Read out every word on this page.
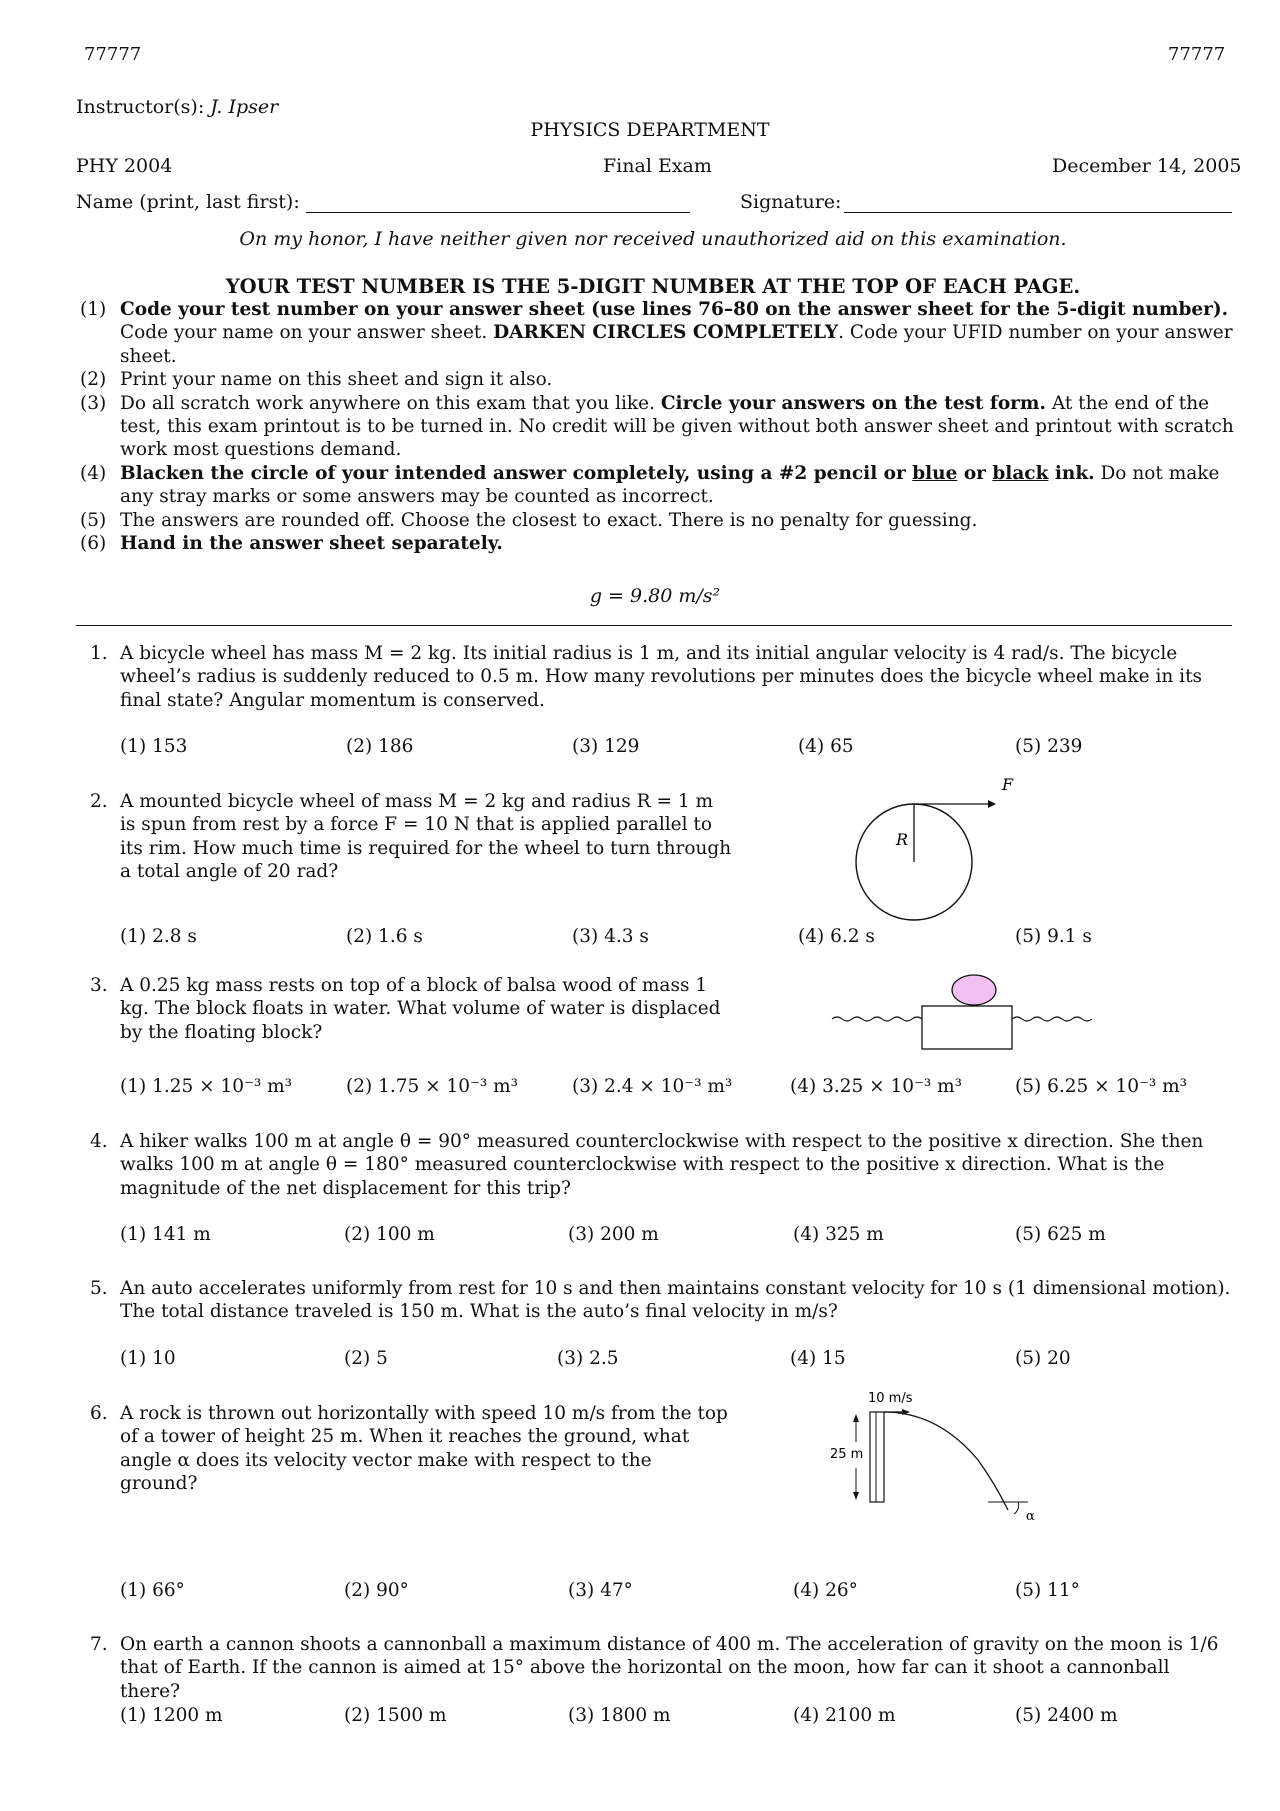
77777	77777
Instructor(s): J. Ipser
PHYSICS DEPARTMENT
PHY 2004	Final Exam	December 14, 2005
Name (print, last first):	Signature:
On my honor, I have neither given nor received unauthorized aid on this examination.
YOUR TEST NUMBER IS THE 5-DIGIT NUMBER AT THE TOP OF EACH PAGE.
(1) Code your test number on your answer sheet (use lines 76–80 on the answer sheet for the 5-digit number). Code your name on your answer sheet. DARKEN CIRCLES COMPLETELY. Code your UFID number on your answer sheet.
(2) Print your name on this sheet and sign it also.
(3) Do all scratch work anywhere on this exam that you like. Circle your answers on the test form. At the end of the test, this exam printout is to be turned in. No credit will be given without both answer sheet and printout with scratch work most questions demand.
(4) Blacken the circle of your intended answer completely, using a #2 pencil or blue or black ink. Do not make any stray marks or some answers may be counted as incorrect.
(5) The answers are rounded off. Choose the closest to exact. There is no penalty for guessing.
(6) Hand in the answer sheet separately.
g = 9.80 m/s²
1. A bicycle wheel has mass M = 2 kg. Its initial radius is 1 m, and its initial angular velocity is 4 rad/s. The bicycle wheel’s radius is suddenly reduced to 0.5 m. How many revolutions per minutes does the bicycle wheel make in its final state? Angular momentum is conserved.
(1) 153	(2) 186	(3) 129	(4) 65	(5) 239
2. A mounted bicycle wheel of mass M = 2 kg and radius R = 1 m is spun from rest by a force F = 10 N that is applied parallel to its rim. How much time is required for the wheel to turn through a total angle of 20 rad?
R
F
(1) 2.8 s	(2) 1.6 s	(3) 4.3 s	(4) 6.2 s	(5) 9.1 s
3. A 0.25 kg mass rests on top of a block of balsa wood of mass 1 kg. The block floats in water. What volume of water is displaced by the floating block?
(1) 1.25 × 10⁻³ m³	(2) 1.75 × 10⁻³ m³	(3) 2.4 × 10⁻³ m³	(4) 3.25 × 10⁻³ m³	(5) 6.25 × 10⁻³ m³
4. A hiker walks 100 m at angle θ = 90° measured counterclockwise with respect to the positive x direction. She then walks 100 m at angle θ = 180° measured counterclockwise with respect to the positive x direction. What is the magnitude of the net displacement for this trip?
(1) 141 m	(2) 100 m	(3) 200 m	(4) 325 m	(5) 625 m
5. An auto accelerates uniformly from rest for 10 s and then maintains constant velocity for 10 s (1 dimensional motion). The total distance traveled is 150 m. What is the auto’s final velocity in m/s?
(1) 10	(2) 5	(3) 2.5	(4) 15	(5) 20
6. A rock is thrown out horizontally with speed 10 m/s from the top of a tower of height 25 m. When it reaches the ground, what angle α does its velocity vector make with respect to the ground?
10 m/s
25 m
α
(1) 66°	(2) 90°	(3) 47°	(4) 26°	(5) 11°
7. On earth a cannon shoots a cannonball a maximum distance of 400 m. The acceleration of gravity on the moon is 1/6 that of Earth. If the cannon is aimed at 15° above the horizontal on the moon, how far can it shoot a cannonball there?
(1) 1200 m	(2) 1500 m	(3) 1800 m	(4) 2100 m	(5) 2400 m
